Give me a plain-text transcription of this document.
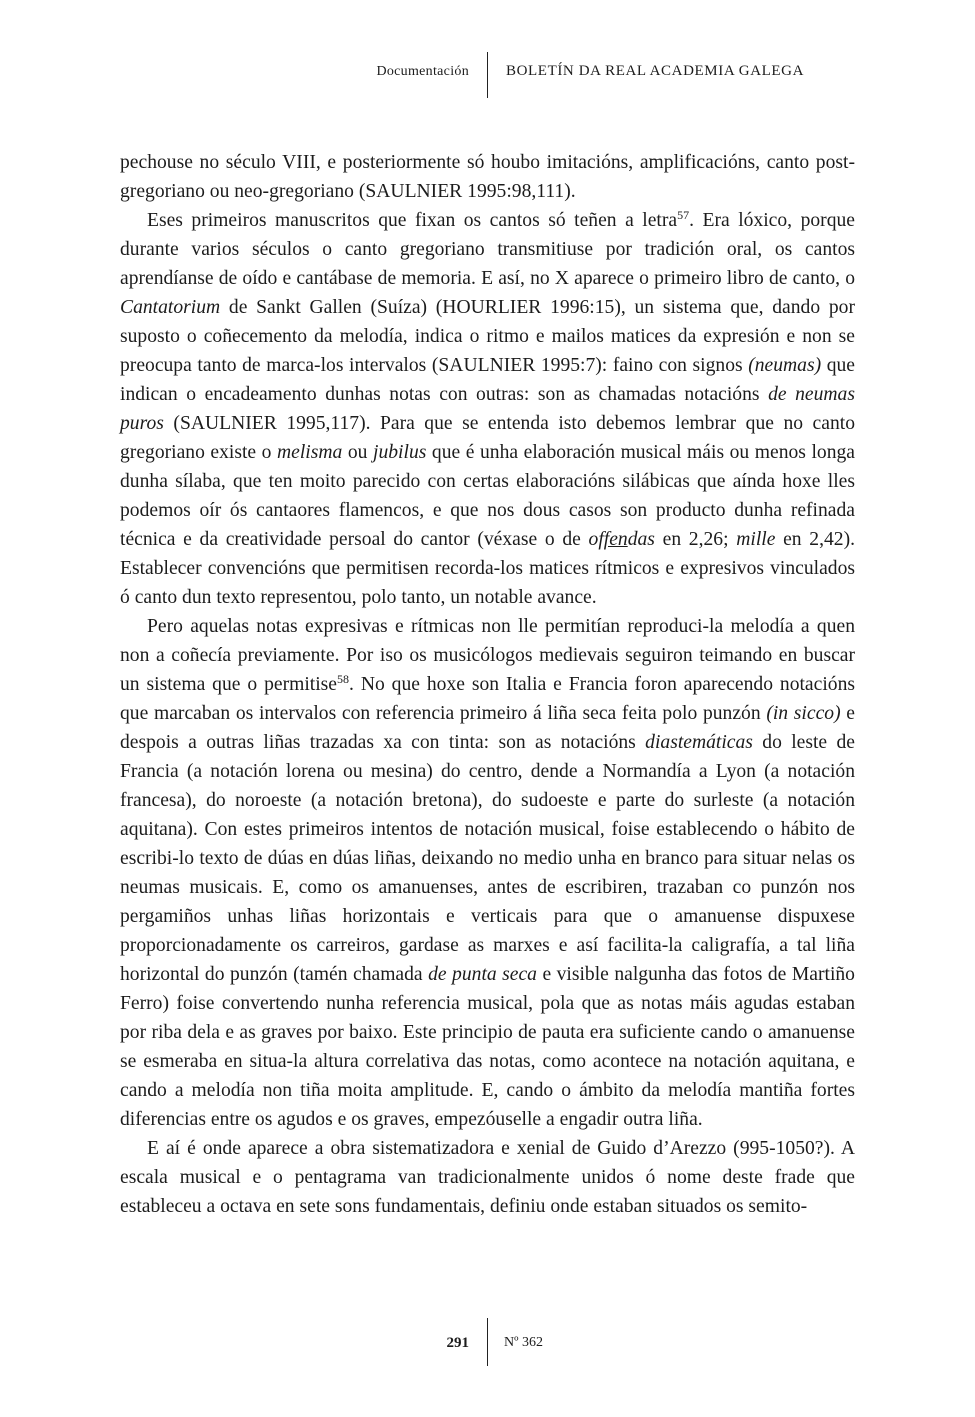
Documentación BOLETÍN DA REAL ACADEMIA GALEGA

pechouse no século VIII, e posteriormente só houbo imitacións, amplificacións, canto post-gregoriano ou neo-gregoriano (SAULNIER 1995:98,111).

Eses primeiros manuscritos que fixan os cantos só teñen a letra$^{57}$. Era lóxico, porque durante varios séculos o canto gregoriano transmitiuse por tradición oral, os cantos aprendíanse de oído e cantábase de memoria. E así, no X aparece o primeiro libro de canto, o Cantatorium de Sankt Gallen (Suíza) (HOURLIER 1996:15), un sistema que, dando por suposto o coñecemento da melodía, indica o ritmo e mailos matices da expresión e non se preocupa tanto de marca-los intervalos (SAULNIER 1995:7): faino con signos (neumas) que indican o encadeamento dunhas notas con outras: son as chamadas notacións de neumas puros (SAULNIER 1995,117). Para que se entenda isto debemos lembrar que no canto gregoriano existe o melisma ou jubilus que é unha elaboración musical máis ou menos longa dunha sílaba, que ten moito parecido con certas elaboracións silábicas que aínda hoxe lles podemos oír ós cantaores flamencos, e que nos dous casos son producto dunha refinada técnica e da creatividade persoal do cantor (véxase o de offendas en 2,26; mille en 2,42). Establecer convencións que permitisen recorda-los matices rítmicos e expresivos vinculados ó canto dun texto representou, polo tanto, un notable avance.

Pero aquelas notas expresivas e rítmicas non lle permitían reproduci-la melodía a quen non a coñecía previamente. Por iso os musicólogos medievais seguiron teimando en buscar un sistema que o permitise$^{58}$. No que hoxe son Italia e Francia foron aparecendo notacións que marcaban os intervalos con referencia primeiro á liña seca feita polo punzón (in sicco) e despois a outras liñas trazadas xa con tinta: son as notacións diastemáticas do leste de Francia (a notación lorena ou mesina) do centro, dende a Normandía a Lyon (a notación francesa), do noroeste (a notación bretona), do sudoeste e parte do surleste (a notación aquitana). Con estes primeiros intentos de notación musical, foise establecendo o hábito de escribi-lo texto de dúas en dúas liñas, deixando no medio unha en branco para situar nelas os neumas musicais. E, como os amanuenses, antes de escribiren, trazaban co punzón nos pergamiños unhas liñas horizontais e verticais para que o amanuense dispuxese proporcionadamente os carreiros, gardase as marxes e así facilita-la caligrafía, a tal liña horizontal do punzón (tamén chamada de punta seca e visible nalgunha das fotos de Martiño Ferro) foise convertendo nunha referencia musical, pola que as notas máis agudas estaban por riba dela e as graves por baixo. Este principio de pauta era suficiente cando o amanuense se esmeraba en situa-la altura correlativa das notas, como acontece na notación aquitana, e cando a melodía non tiña moita amplitude. E, cando o ámbito da melodía mantiña fortes diferencias entre os agudos e os graves, empezóuselle a engadir outra liña.

E aí é onde aparece a obra sistematizadora e xenial de Guido d’Arezzo (995-1050?). A escala musical e o pentagrama van tradicionalmente unidos ó nome deste frade que estableceu a octava en sete sons fundamentais, definiu onde estaban situados os semito-

291	Nº 362
